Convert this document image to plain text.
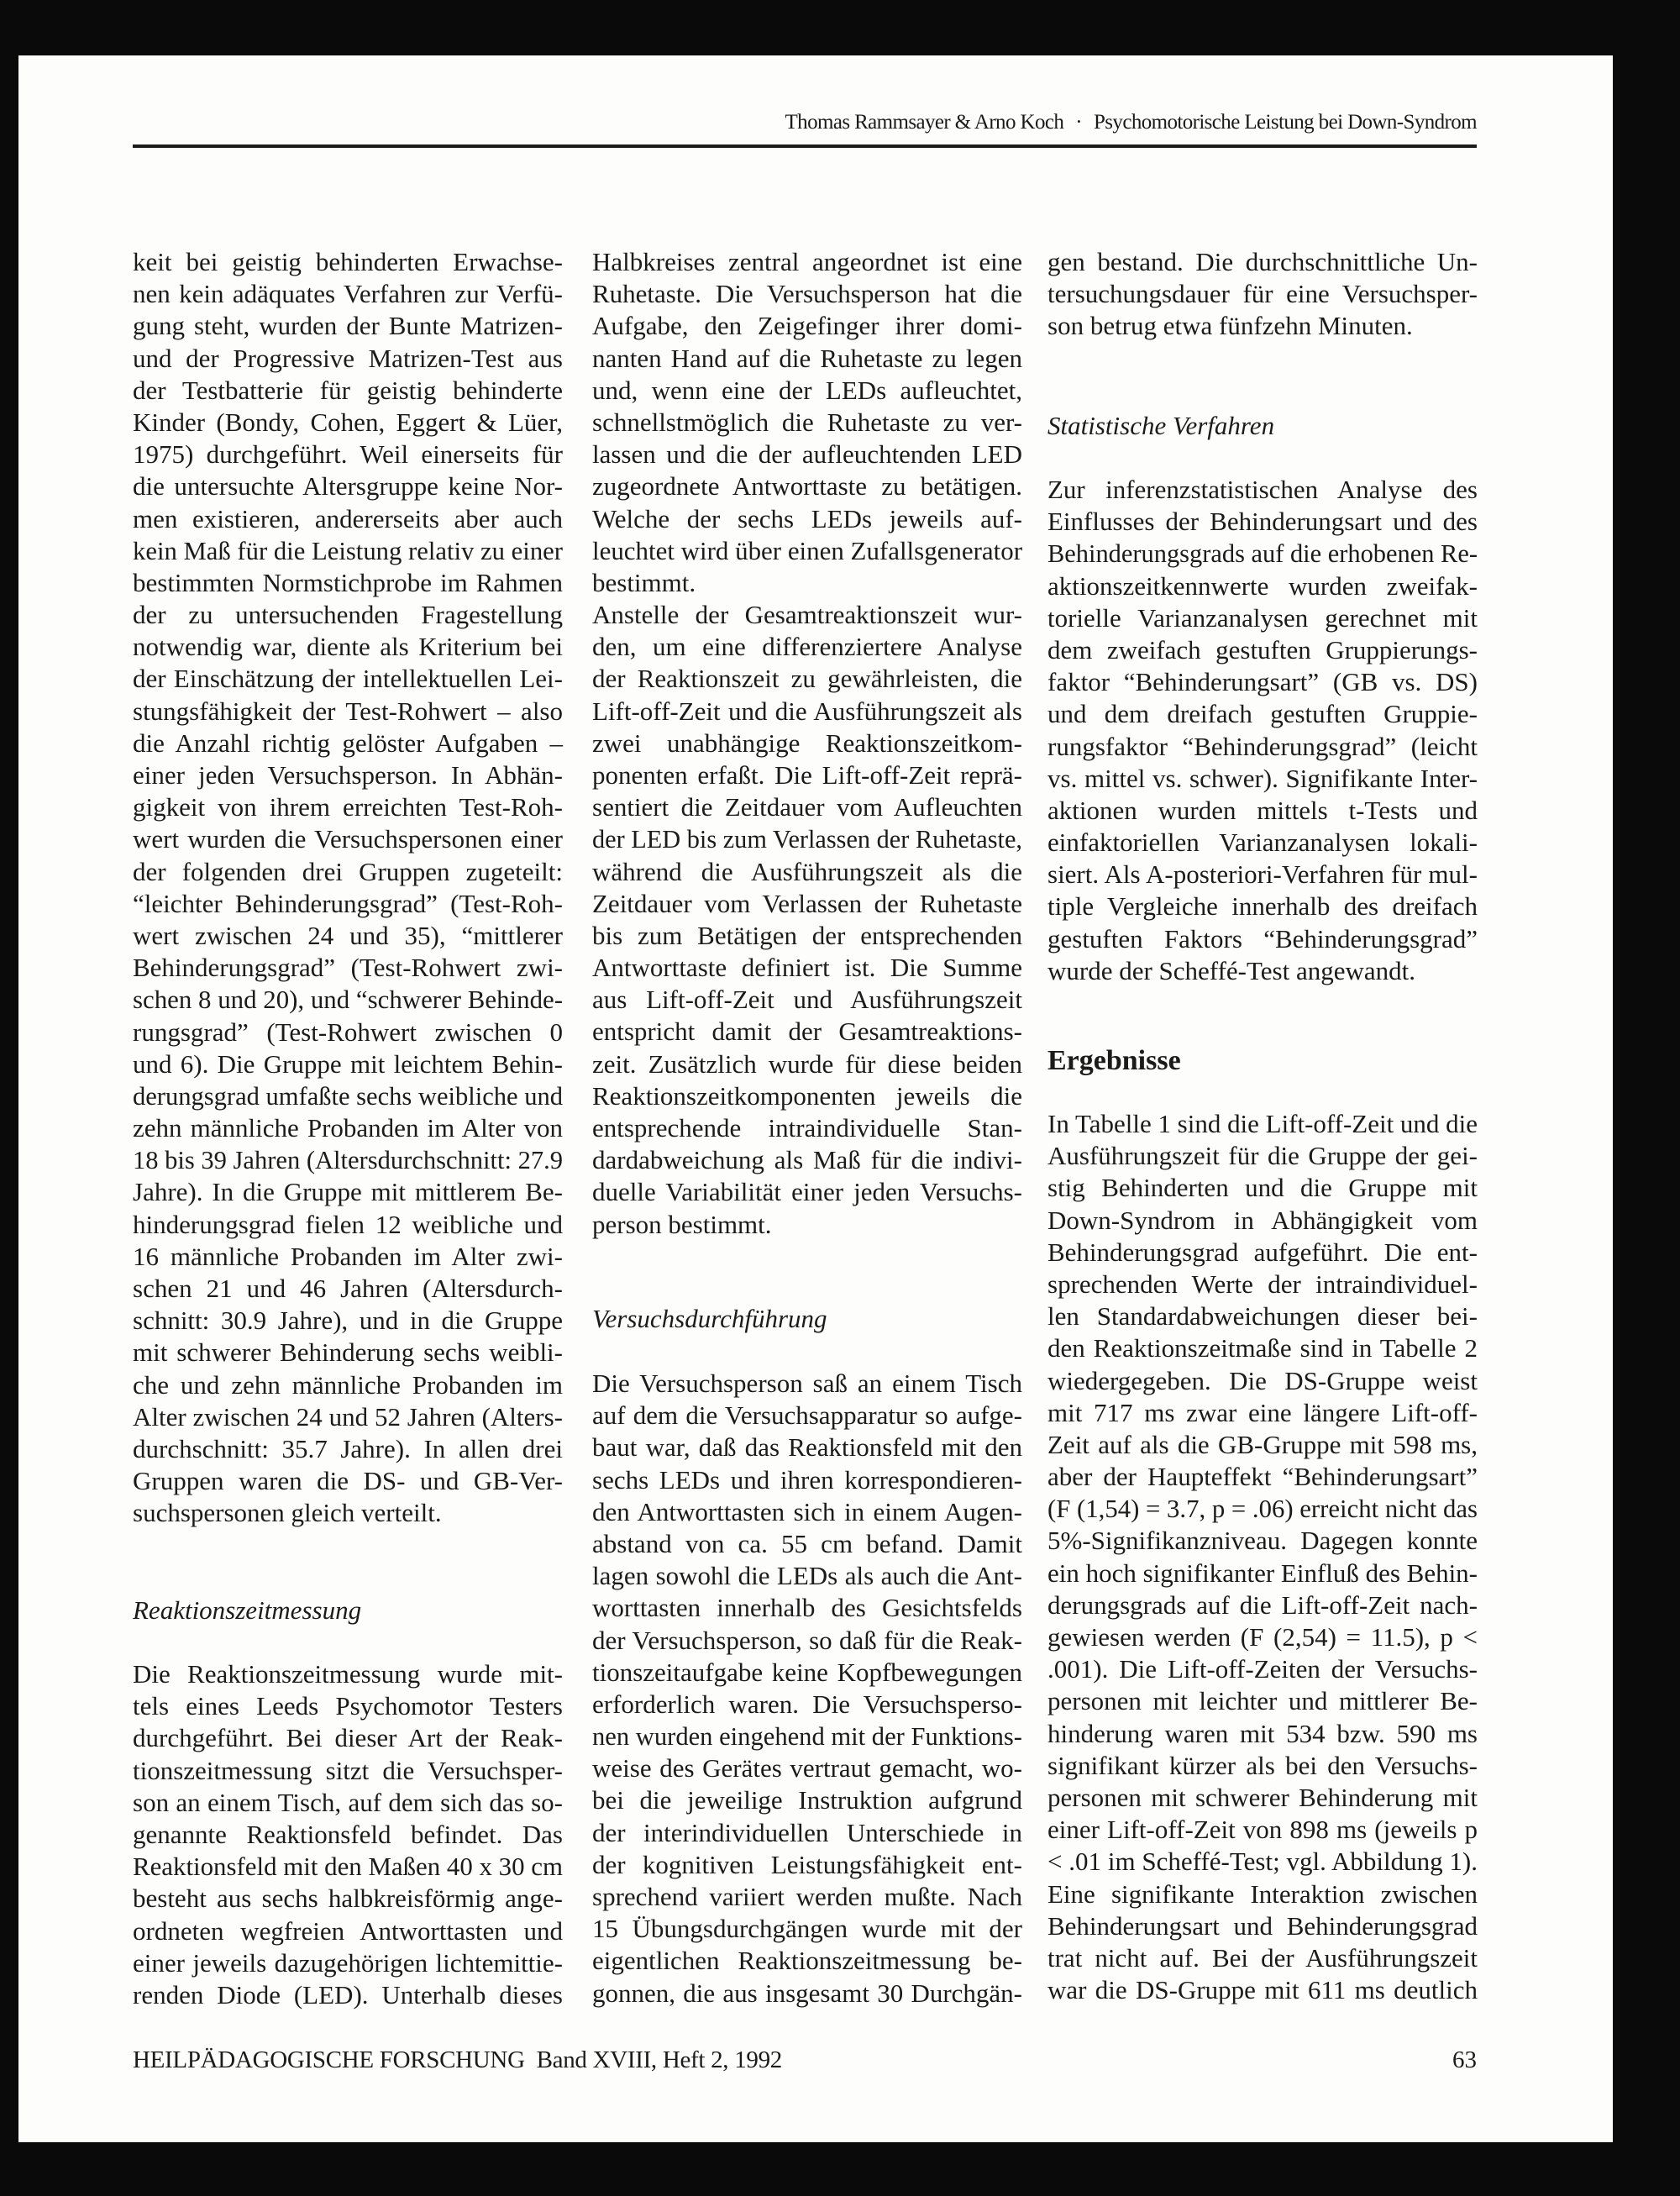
Thomas Rammsayer & Arno Koch · Psychomotorische Leistung bei Down-Syndrom
keit bei geistig behinderten Erwachse-
nen kein adäquates Verfahren zur Verfü-
gung steht, wurden der Bunte Matrizen-
und der Progressive Matrizen-Test aus
der Testbatterie für geistig behinderte
Kinder (Bondy, Cohen, Eggert & Lüer,
1975) durchgeführt. Weil einerseits für
die untersuchte Altersgruppe keine Nor-
men existieren, andererseits aber auch
kein Maß für die Leistung relativ zu einer
bestimmten Normstichprobe im Rahmen
der zu untersuchenden Fragestellung
notwendig war, diente als Kriterium bei
der Einschätzung der intellektuellen Lei-
stungsfähigkeit der Test-Rohwert – also
die Anzahl richtig gelöster Aufgaben –
einer jeden Versuchsperson. In Abhän-
gigkeit von ihrem erreichten Test-Roh-
wert wurden die Versuchspersonen einer
der folgenden drei Gruppen zugeteilt:
“leichter Behinderungsgrad” (Test-Roh-
wert zwischen 24 und 35), “mittlerer
Behinderungsgrad” (Test-Rohwert zwi-
schen 8 und 20), und “schwerer Behinde-
rungsgrad” (Test-Rohwert zwischen 0
und 6). Die Gruppe mit leichtem Behin-
derungsgrad umfaßte sechs weibliche und
zehn männliche Probanden im Alter von
18 bis 39 Jahren (Altersdurchschnitt: 27.9
Jahre). In die Gruppe mit mittlerem Be-
hinderungsgrad fielen 12 weibliche und
16 männliche Probanden im Alter zwi-
schen 21 und 46 Jahren (Altersdurch-
schnitt: 30.9 Jahre), und in die Gruppe
mit schwerer Behinderung sechs weibli-
che und zehn männliche Probanden im
Alter zwischen 24 und 52 Jahren (Alters-
durchschnitt: 35.7 Jahre). In allen drei
Gruppen waren die DS- und GB-Ver-
suchspersonen gleich verteilt.
Reaktionszeitmessung
Die Reaktionszeitmessung wurde mit-
tels eines Leeds Psychomotor Testers
durchgeführt. Bei dieser Art der Reak-
tionszeitmessung sitzt die Versuchsper-
son an einem Tisch, auf dem sich das so-
genannte Reaktionsfeld befindet. Das
Reaktionsfeld mit den Maßen 40 x 30 cm
besteht aus sechs halbkreisförmig ange-
ordneten wegfreien Antworttasten und
einer jeweils dazugehörigen lichtemittie-
renden Diode (LED). Unterhalb dieses
Halbkreises zentral angeordnet ist eine
Ruhetaste. Die Versuchsperson hat die
Aufgabe, den Zeigefinger ihrer domi-
nanten Hand auf die Ruhetaste zu legen
und, wenn eine der LEDs aufleuchtet,
schnellstmöglich die Ruhetaste zu ver-
lassen und die der aufleuchtenden LED
zugeordnete Antworttaste zu betätigen.
Welche der sechs LEDs jeweils auf-
leuchtet wird über einen Zufallsgenerator
bestimmt.
Anstelle der Gesamtreaktionszeit wur-
den, um eine differenziertere Analyse
der Reaktionszeit zu gewährleisten, die
Lift-off-Zeit und die Ausführungszeit als
zwei unabhängige Reaktionszeitkom-
ponenten erfaßt. Die Lift-off-Zeit reprä-
sentiert die Zeitdauer vom Aufleuchten
der LED bis zum Verlassen der Ruhetaste,
während die Ausführungszeit als die
Zeitdauer vom Verlassen der Ruhetaste
bis zum Betätigen der entsprechenden
Antworttaste definiert ist. Die Summe
aus Lift-off-Zeit und Ausführungszeit
entspricht damit der Gesamtreaktions-
zeit. Zusätzlich wurde für diese beiden
Reaktionszeitkomponenten jeweils die
entsprechende intraindividuelle Stan-
dardabweichung als Maß für die indivi-
duelle Variabilität einer jeden Versuchs-
person bestimmt.
Versuchsdurchführung
Die Versuchsperson saß an einem Tisch
auf dem die Versuchsapparatur so aufge-
baut war, daß das Reaktionsfeld mit den
sechs LEDs und ihren korrespondieren-
den Antworttasten sich in einem Augen-
abstand von ca. 55 cm befand. Damit
lagen sowohl die LEDs als auch die Ant-
worttasten innerhalb des Gesichtsfelds
der Versuchsperson, so daß für die Reak-
tionszeitaufgabe keine Kopfbewegungen
erforderlich waren. Die Versuchsperso-
nen wurden eingehend mit der Funktions-
weise des Gerätes vertraut gemacht, wo-
bei die jeweilige Instruktion aufgrund
der interindividuellen Unterschiede in
der kognitiven Leistungsfähigkeit ent-
sprechend variiert werden mußte. Nach
15 Übungsdurchgängen wurde mit der
eigentlichen Reaktionszeitmessung be-
gonnen, die aus insgesamt 30 Durchgän-
gen bestand. Die durchschnittliche Un-
tersuchungsdauer für eine Versuchsper-
son betrug etwa fünfzehn Minuten.
Statistische Verfahren
Zur inferenzstatistischen Analyse des
Einflusses der Behinderungsart und des
Behinderungsgrads auf die erhobenen Re-
aktionszeitkennwerte wurden zweifak-
torielle Varianzanalysen gerechnet mit
dem zweifach gestuften Gruppierungs-
faktor “Behinderungsart” (GB vs. DS)
und dem dreifach gestuften Gruppie-
rungsfaktor “Behinderungsgrad” (leicht
vs. mittel vs. schwer). Signifikante Inter-
aktionen wurden mittels t-Tests und
einfaktoriellen Varianzanalysen lokali-
siert. Als A-posteriori-Verfahren für mul-
tiple Vergleiche innerhalb des dreifach
gestuften Faktors “Behinderungsgrad”
wurde der Scheffé-Test angewandt.
Ergebnisse
In Tabelle 1 sind die Lift-off-Zeit und die
Ausführungszeit für die Gruppe der gei-
stig Behinderten und die Gruppe mit
Down-Syndrom in Abhängigkeit vom
Behinderungsgrad aufgeführt. Die ent-
sprechenden Werte der intraindividuel-
len Standardabweichungen dieser bei-
den Reaktionszeitmaße sind in Tabelle 2
wiedergegeben. Die DS-Gruppe weist
mit 717 ms zwar eine längere Lift-off-
Zeit auf als die GB-Gruppe mit 598 ms,
aber der Haupteffekt “Behinderungsart”
(F (1,54) = 3.7, p = .06) erreicht nicht das
5%-Signifikanzniveau. Dagegen konnte
ein hoch signifikanter Einfluß des Behin-
derungsgrads auf die Lift-off-Zeit nach-
gewiesen werden (F (2,54) = 11.5), p <
.001). Die Lift-off-Zeiten der Versuchs-
personen mit leichter und mittlerer Be-
hinderung waren mit 534 bzw. 590 ms
signifikant kürzer als bei den Versuchs-
personen mit schwerer Behinderung mit
einer Lift-off-Zeit von 898 ms (jeweils p
< .01 im Scheffé-Test; vgl. Abbildung 1).
Eine signifikante Interaktion zwischen
Behinderungsart und Behinderungsgrad
trat nicht auf. Bei der Ausführungszeit
war die DS-Gruppe mit 611 ms deutlich
HEILPÄDAGOGISCHE FORSCHUNG  Band XVIII, Heft 2, 1992	63
